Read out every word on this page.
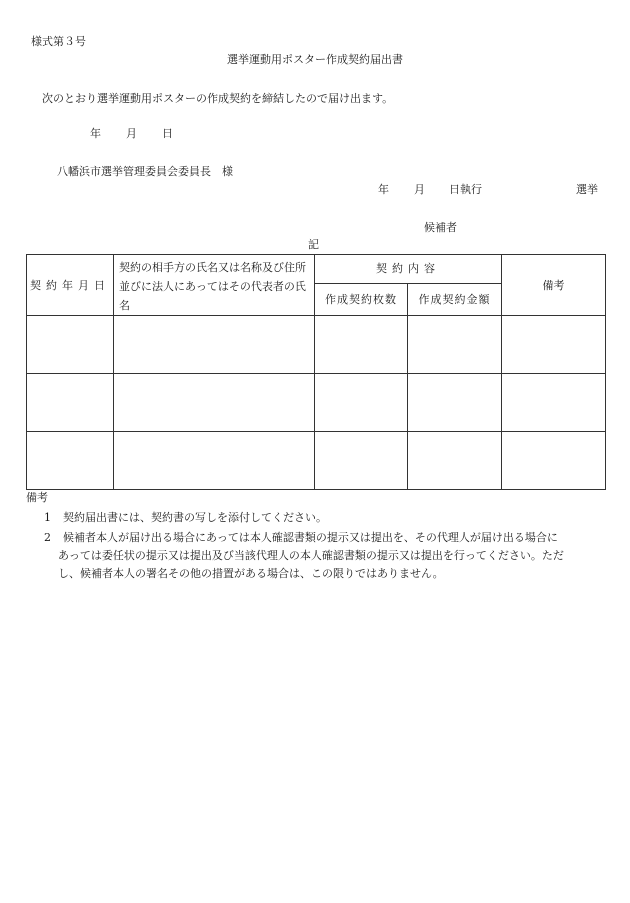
様式第３号
選挙運動用ポスター作成契約届出書
次のとおり選挙運動用ポスターの作成契約を締結したので届け出ます。
年 月 日
八幡浜市選挙管理委員会委員長　様
年 月 日執行	選挙
候補者
記
契約年月日	契約の相手方の氏名又は名称及び住所並びに法人にあってはその代表者の氏名	契約内容		備考
		作成契約枚数	作成契約金額	

備考
1 契約届出書には、契約書の写しを添付してください。
2 候補者本人が届け出る場合にあっては本人確認書類の提示又は提出を、その代理人が届け出る場合に
あっては委任状の提示又は提出及び当該代理人の本人確認書類の提示又は提出を行ってください。ただ
し、候補者本人の署名その他の措置がある場合は、この限りではありません。
